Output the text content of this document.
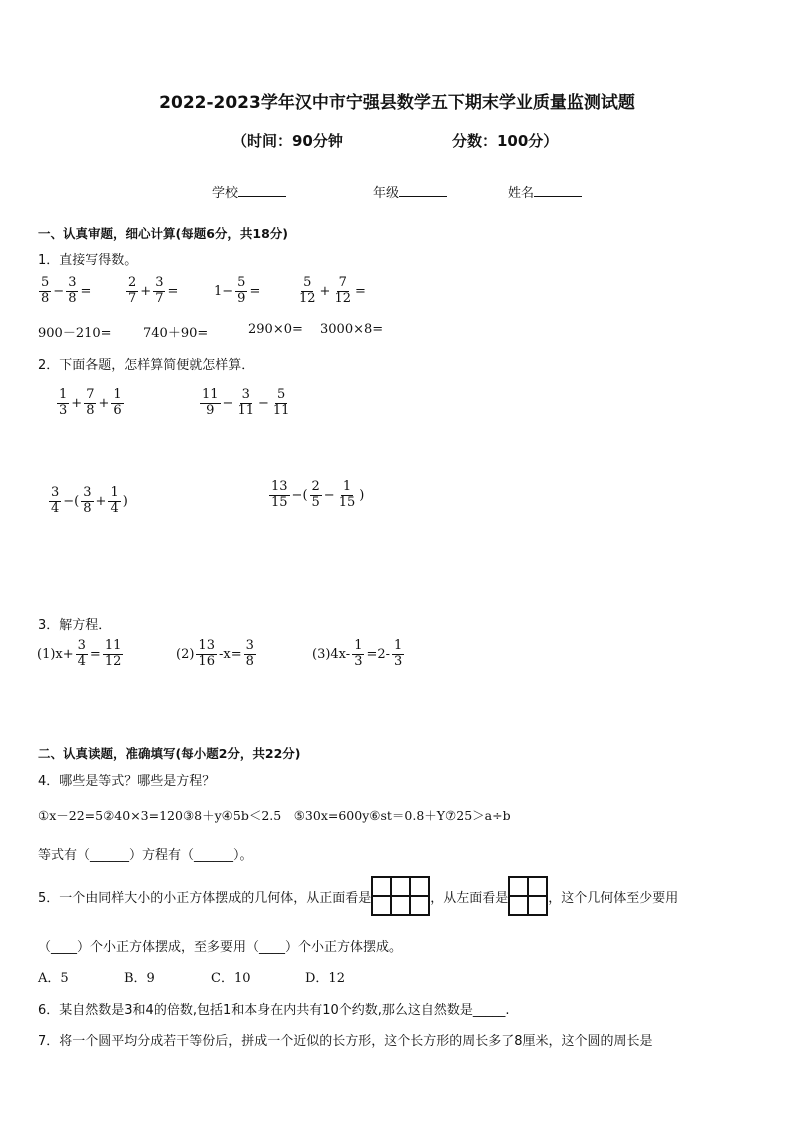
2022-2023学年汉中市宁强县数学五下期末学业质量监测试题
（时间：90分钟	分数：100分）
学校	年级	姓名
一、认真审题，细心计算(每题6分，共18分)
1．直接写得数。
$\frac{5}{8} - \frac{3}{8}$ =	$\frac{2}{7} + \frac{3}{7}$ =	$1- \frac{5}{9}$ =	$\frac{5}{12} + \frac{7}{12}$ =
900－210= 740＋90=	290×0= 3000×8=
2．下面各题，怎样算简便就怎样算．
$\frac{1}{3} + \frac{7}{8} + \frac{1}{6}$	$\frac{11}{9} - \frac{3}{11} - \frac{5}{11}$
$\frac{3}{4}$ −( $\frac{3}{8} + \frac{1}{4}$ )	$\frac{13}{15}$ −( $\frac{2}{5} - \frac{1}{15}$ )
3．解方程．
$(1)x+ \frac{3}{4} = \frac{11}{12}$	$(2) \frac{13}{16} -x= \frac{3}{8}$	$(3)4x- \frac{1}{3} =2- \frac{1}{3}$
二、认真读题，准确填写(每小题2分，共22分)
4．哪些是等式？哪些是方程？
①x－22=5②40×3=120③8＋y④5b＜2.5　⑤30x=600y⑥st＝0.8＋Y⑦25＞a÷b
等式有（______）方程有（______）。
5．一个由同样大小的小正方体摆成的几何体，从正面看是	，从左面看是	，这个几何体至少要用
（____）个小正方体摆成，至多要用（____）个小正方体摆成。
A．5	B．9	C．10	D．12
6．某自然数是3和4的倍数,包括1和本身在内共有10个约数,那么这自然数是_____.
7．将一个圆平均分成若干等份后，拼成一个近似的长方形，这个长方形的周长多了8厘米，这个圆的周长是
